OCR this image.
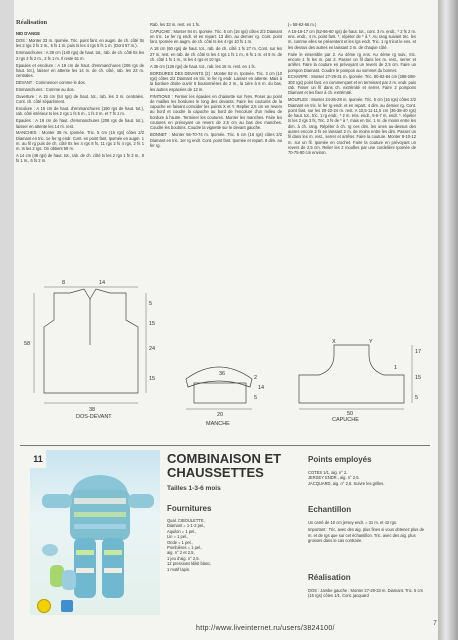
Réalisation

NID D'ANGE

DOS : Monter 33 m. Ipomée. Tric. point fant. en augm. de ch. côté tts les 2 rgs 2 fs 2 m., 6 fs 1 m. puis ts les 4 rgs 5 fs 1 m. (Dont 57 m.).

Emmanchures : A 39 cm (140 rgs) de haut. tot., rab. de ch. côté tts les 2 rgs 2 fs 2 m., 2 fs 1 m. Il reste 51 m.

Epaules et encolure : A 19 cm de haut. d'emmanchures (208 rgs de haut. tot.), laisser en attente les 14 m. de ch. côté, rab. les 23 m. centrales.

DEVANT : Commencer comme le dos.

Emmanchures : Comme au dos.

Ouverture : A 15 cm (54 rgs) de haut. tot., rab. les 3 m. centrales. Cont. ch. côté séparément.

Encolure : A 15 cm de haut. d'emmanchures (190 rgs de haut. tot.), rab. côté intérieur ts les 2 rgs 1 fs 5 m., 1 fs 2 m. et 7 fs 1 m.

Epaules : A 19 cm de haut. d'emmanchures (208 rgs de haut. tot.), laisser en attente les 14 m. rest.

MANCHES : Monter 38 m. Ipomée. Tric. 5 cm (16 rgs) côtes 2/2 Diamant en tric. 1e fer rg endr. Cont. en point fant. Ipomée en augm. 1 m. au fil rg puis de ch. côté tts les 4 rgs 8 fs, 11 rgs 2 fs 4 rgs, 2 fs 1 m. ts les 2 rgs. On obtient 59 m.

A 14 cm (48 rgs) de haut. tot., rab. de ch. côté ts les 2 rgs 1 fs 3 m., 8 fs 1 m., 6 fs 2 m.

Rab. les 33 m. rest. en 1 fs.

CAPUCHE : Monter 94 m. Ipomée. Tric. 5 cm (16 rgs) côtes 2/2 Diamant en tric. 1e fer rg endr. et en repart. 13 dim. au dernier rg. Cont. point fant. Ipomée en augm. de ch. côté ts les 4 rgs 10 fs 1 m.

A 18 cm (60 rgs) de haut. tot., rab. de ch. côté 1 fs 27 m. Cont. sur les 27 m. rest. en rab. de ch. côté ts les 4 rgs 1 fs 1 m., 6 fs 1 m. et 6 m. de ch. côté 1 fs 1 m., ts les 4 rgs et 10 rgs.

A 35 cm (126 rgs) de haut. tot., rab. les 15 m. rest. en 1 fs.

BORDURES DES DEVANTS (2) : Monter 82 m. Ipomée. Tric. 3 cm (10 rgs) côtes 2/2 Diamant en tric. le fer rg endr. Laisser en attente. Mais à la bordure droite ouvrir 6 boutonnières de 2 m., la 1ère à 6 m. du bas, les autres espacées de 12 m.

FINITIONS : Fermer les épaules en chainette sur l'env. Poser au point de mailles les bordures le long des devants. Faire les coutures de la capuche en faisant coïncider les points X et Y. Replier 2,5 cm en revers au bord et coudre la capuche au bord de l'encolure d'un milieu de bordure à l'autre. Terminer les coutures. Monter les manches. Faire les coutures en prévoyant un revers de 2,5 cm au bas des manches. Coudre les boutons. Coudre la vignette sur le devant gauche.

BONNET : Monter 56-70-74 m. Ipomée. Tric. 5 cm (16 rgs) côtes 2/2 Diamant en tric. 1er rg endr. Cont. point fant. Ipomée et repart. 8 dim. au fer rg.

(= 58-62-66 m.)

A 15-16-17 cm (52-56-60 rgs) de haut. tot., cont. 3 m. endr., * 2 fs 2 m. ens. endr., 4 m. point fant. *, répéter de * à *. Au rang suivant tric. les m. comme elles se présentent et les rgs endr. Tric. 1 rg tricot le ens. et les dessus des autres en laissant 2 m. de chaque côté.

Faire le ensemble par 2. Au 4ème rg ens. Au 4ème rg suiv., tric. encore 1 fs les m. par 2. Passer un fil dans les m. rest., serrer et arrêter. Faire la couture en prévoyant un revers de 2,5 cm. Faire un pompon Diamant. Coudre le pompon au sommet du bonnet.

ECHARPE : Monter 27-29-31 m. Ipomée. Tric. 80-82-84 cm (288-298-302 rgs) point fant. en commençant et en terminant par 2 m. endr. puis rab. Fisser un fil dans ch. extrémité et serrer. Faire 2 pompons Diamant et les fixer à ch. extrémité.

MOUFLES : Monter 24-26-28 m. Ipomée. Tric. 5 cm (16 rgs) côtes 2/2 Diamant en tric. le fer rg endr. et en repart. 4 dim. au dernier rg. Cont. point fant. sur les 20-22-24 m. rest. A 10,5-11-11,5 cm (36-38-40 rgs) de haut. tot., tric. 1 rg endr., * 2 m. ens. endr., 5-6-7 m. endr. *. répéter ts les 2 rgs 3 fs, Tric. 2 fs de * à *, mais en tric. 1 m. de moins entre les dim. à ch. rang. Répéter à ch. rg ces dim. les unes au-dessus des autres encore 2 fs en laissant 2 m. de moins entre les dim. Passer un fil dans les m. rest., serrer et arrêter. Faire la couture. Monter 8-10-12 m. sur un fil. Ipomée en crochet. Faire la couture en prévoyant un revers de 2,5 cm. Relier les 2 moufles par une cordelière Ipomée de 70-75-80 cm environ.

DOS-DEVANT
8	14
5
15
24
15
58
38
MANCHE
20
5
2
36
14
CAPUCHE
X	Y
17
15
5
1
50
11
	COMBINAISON ET CHAUSSETTES
Tailles 1-3-6 mois
Fournitures

Qual. CIBOULETTE,

Diamant = 1-1-2 pel.,

Aquilon = 1 pel.,

Lin = 1 pel.,

Onde = 1 pel.,

Pombières = 1 pel.,

aig. n° 2 et 2,5,

1 jeu d'aig. n° 2,5.

12 pressions klikit blanc,

1 motif lapin.

Points employés

COTES 1/1, aig. n° 2.

JERSEY ENDR., aig. n° 2,5.

JACQUARD, aig. n° 2,5. Suivre les grilles.

Echantillon

Un carré de 10 cm jersey endr. = 31 m. et 42 rgs.

Important : Tric. avec des aig. plus fines si vous obtenez plus de m. et de rgs que sur cet échantillon. Tric. avec des aig. plus grosses dans le cas contraire.

Réalisation

DOS : Jambe gauche : Monter 27-29-33 m. Diamant. Tric. 5 cm (16 rgs) côtes 1/1. Cont. jacquard

http://www.liveinternet.ru/users/3824100/
7
